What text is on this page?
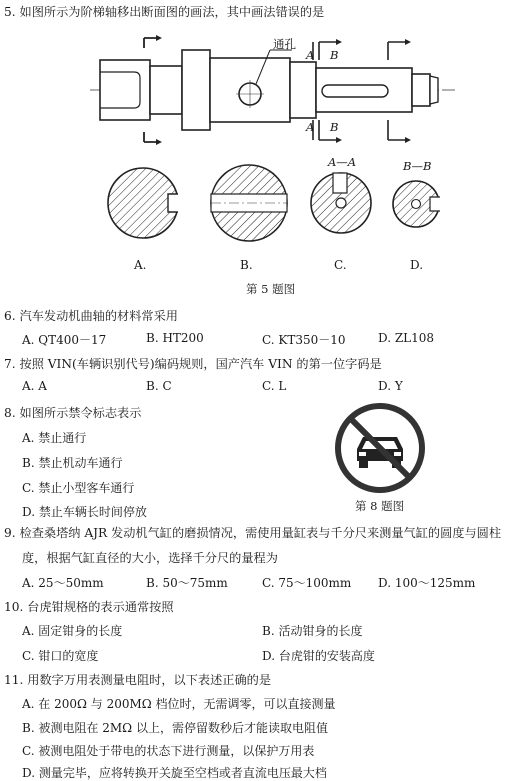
5. 如图所示为阶梯轴移出断面图的画法，其中画法错误的是
通孔
A
A
B
B
A—A	B—B
A.	B.	C.	D.
第 5 题图
6. 汽车发动机曲轴的材料常采用
A. QT400－17	B. HT200	C. KT350－10	D. ZL108
7. 按照 VIN(车辆识别代号)编码规则，国产汽车 VIN 的第一位字码是
A. A	B. C	C. L	D. Y
8. 如图所示禁令标志表示
A. 禁止通行
B. 禁止机动车通行
C. 禁止小型客车通行
D. 禁止车辆长时间停放	第 8 题图
9. 检查桑塔纳 AJR 发动机气缸的磨损情况，需使用量缸表与千分尺来测量气缸的圆度与圆柱
度，根据气缸直径的大小，选择千分尺的量程为
A. 25～50mm	B. 50～75mm	C. 75～100mm D. 100～125mm
10. 台虎钳规格的表示通常按照
A. 固定钳身的长度	B. 活动钳身的长度
C. 钳口的宽度	D. 台虎钳的安装高度
11. 用数字万用表测量电阻时，以下表述正确的是
A. 在 200Ω 与 200MΩ 档位时，无需调零，可以直接测量
B. 被测电阻在 2MΩ 以上，需停留数秒后才能读取电阻值
C. 被测电阻处于带电的状态下进行测量，以保护万用表
D. 测量完毕，应将转换开关旋至空档或者直流电压最大档
